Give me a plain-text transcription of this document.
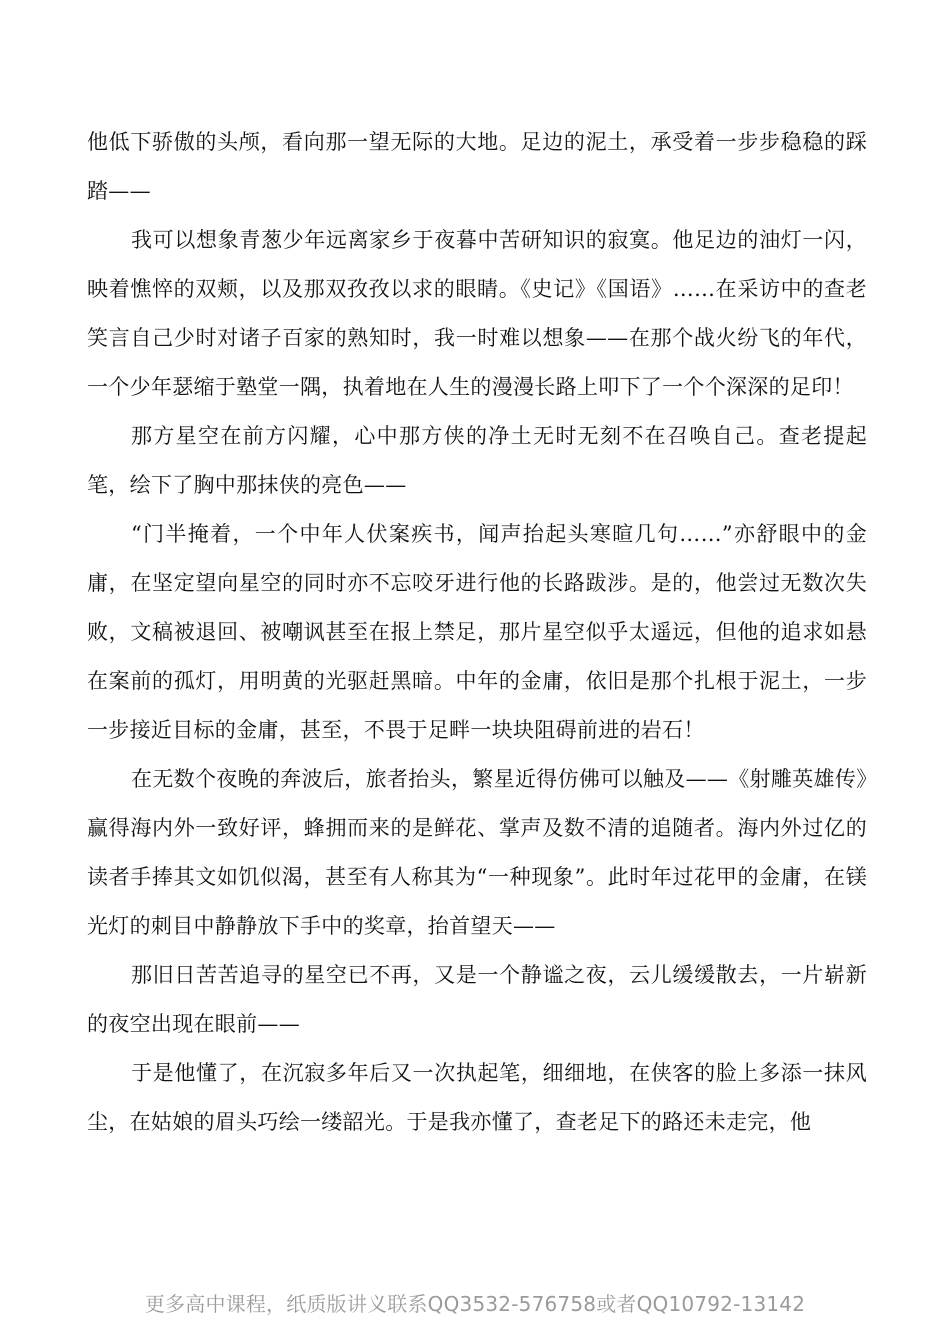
他低下骄傲的头颅，看向那一望无际的大地。足边的泥土，承受着一步步稳稳的踩踏——

我可以想象青葱少年远离家乡于夜暮中苦研知识的寂寞。他足边的油灯一闪，映着憔悴的双颊，以及那双孜孜以求的眼睛。《史记》《国语》……在采访中的查老笑言自己少时对诸子百家的熟知时，我一时难以想象——在那个战火纷飞的年代，一个少年瑟缩于塾堂一隅，执着地在人生的漫漫长路上叩下了一个个深深的足印！

那方星空在前方闪耀，心中那方侠的净土无时无刻不在召唤自己。查老提起笔，绘下了胸中那抹侠的亮色——

“门半掩着，一个中年人伏案疾书，闻声抬起头寒暄几句……”亦舒眼中的金庸，在坚定望向星空的同时亦不忘咬牙进行他的长路跋涉。是的，他尝过无数次失败，文稿被退回、被嘲讽甚至在报上禁足，那片星空似乎太遥远，但他的追求如悬在案前的孤灯，用明黄的光驱赶黑暗。中年的金庸，依旧是那个扎根于泥土，一步一步接近目标的金庸，甚至，不畏于足畔一块块阻碍前进的岩石！

在无数个夜晚的奔波后，旅者抬头，繁星近得仿佛可以触及——《射雕英雄传》赢得海内外一致好评，蜂拥而来的是鲜花、掌声及数不清的追随者。海内外过亿的读者手捧其文如饥似渴，甚至有人称其为“一种现象”。此时年过花甲的金庸，在镁光灯的刺目中静静放下手中的奖章，抬首望天——

那旧日苦苦追寻的星空已不再，又是一个静谧之夜，云儿缓缓散去，一片崭新的夜空出现在眼前——

于是他懂了，在沉寂多年后又一次执起笔，细细地，在侠客的脸上多添一抹风尘，在姑娘的眉头巧绘一缕韶光。于是我亦懂了，查老足下的路还未走完，他

更多高中课程，纸质版讲义联系QQ3532-576758或者QQ10792-13142
